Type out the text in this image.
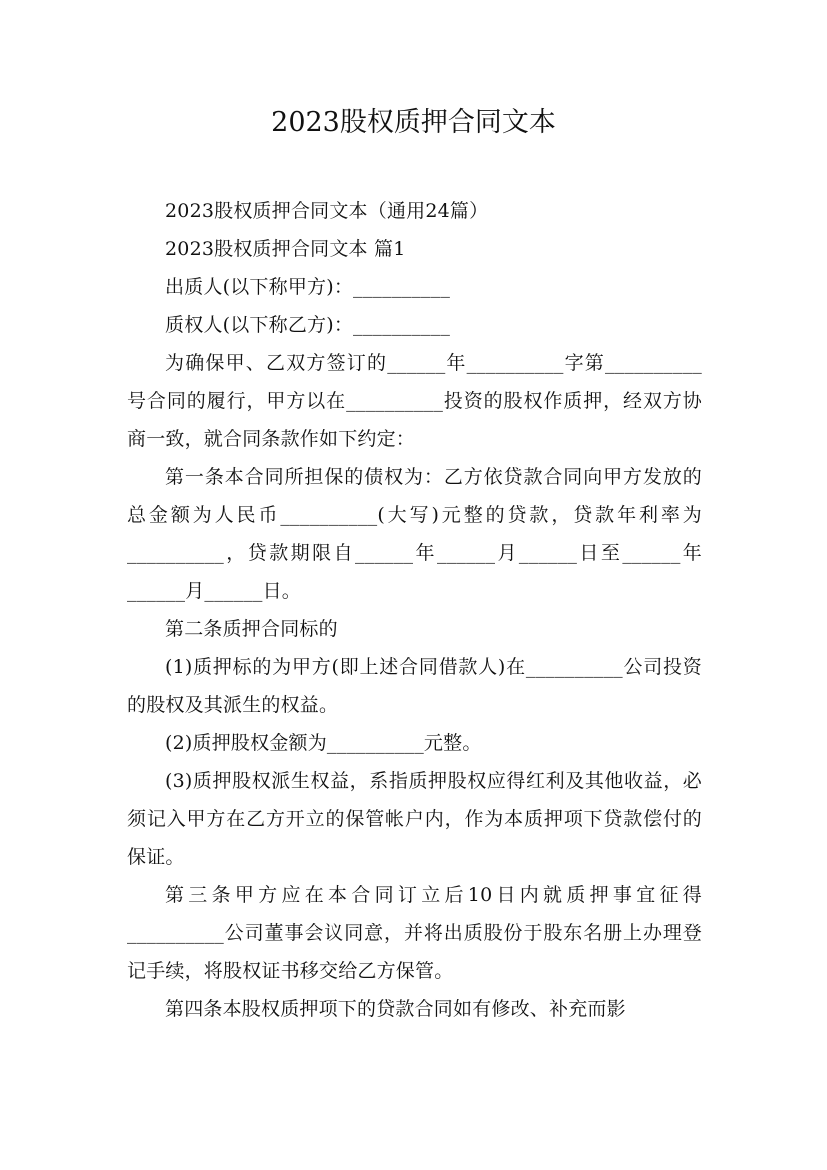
2023股权质押合同文本

2023股权质押合同文本（通用24篇）

2023股权质押合同文本 篇1

出质人(以下称甲方)：__________

质权人(以下称乙方)：__________

为确保甲、乙双方签订的______年__________字第__________号合同的履行，甲方以在__________投资的股权作质押，经双方协商一致，就合同条款作如下约定：

第一条本合同所担保的债权为：乙方依贷款合同向甲方发放的总金额为人民币__________(大写)元整的贷款，贷款年利率为__________，贷款期限自______年______月______日至______年______月______日。

第二条质押合同标的

(1)质押标的为甲方(即上述合同借款人)在__________公司投资的股权及其派生的权益。

(2)质押股权金额为__________元整。

(3)质押股权派生权益，系指质押股权应得红利及其他收益，必须记入甲方在乙方开立的保管帐户内，作为本质押项下贷款偿付的保证。

第三条甲方应在本合同订立后10日内就质押事宜征得__________公司董事会议同意，并将出质股份于股东名册上办理登记手续，将股权证书移交给乙方保管。

第四条本股权质押项下的贷款合同如有修改、补充而影
